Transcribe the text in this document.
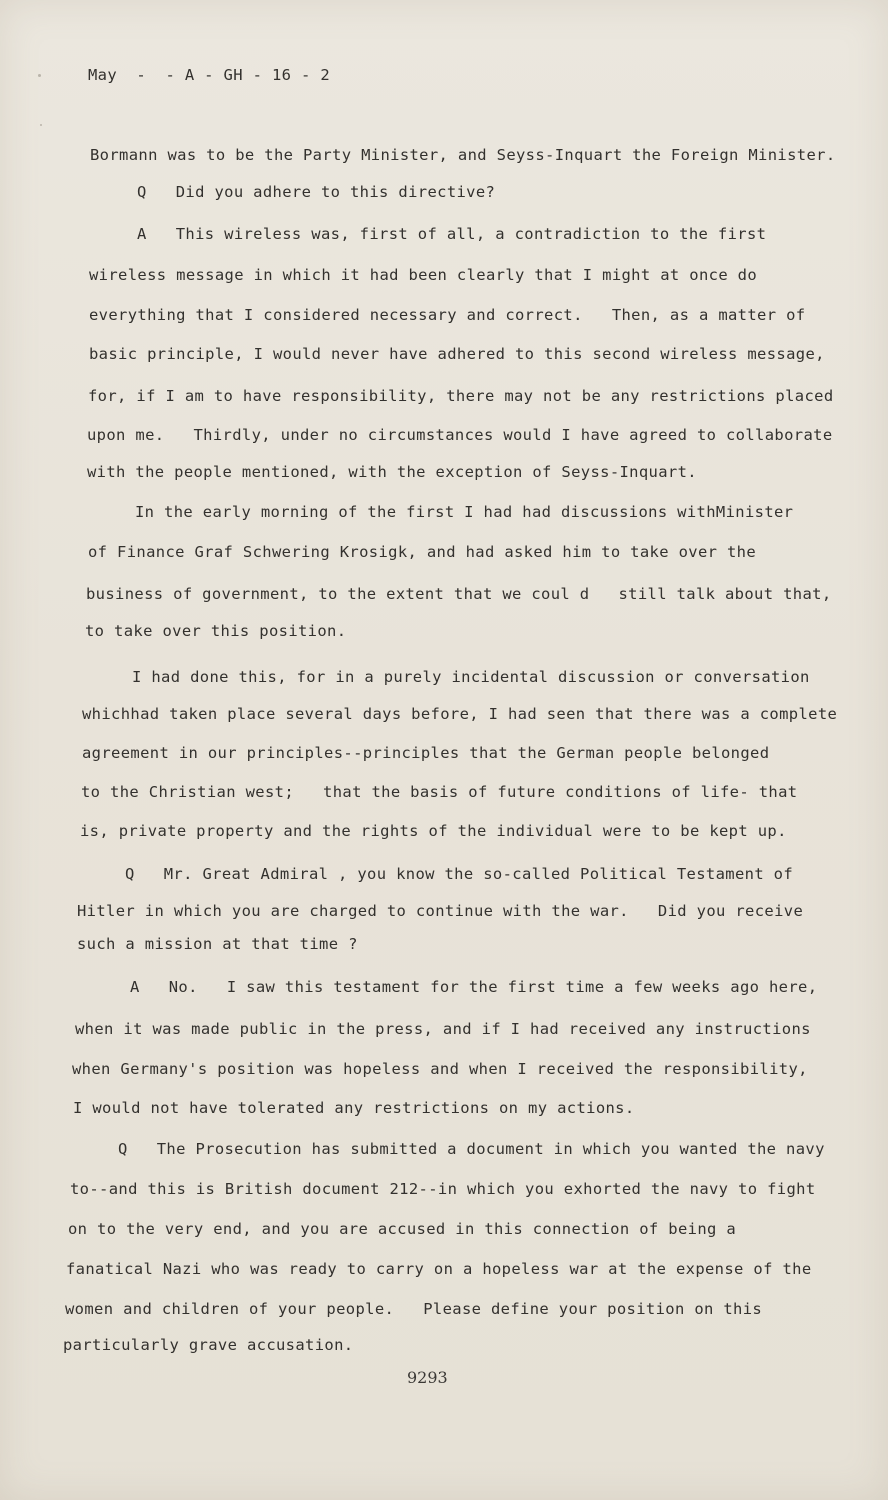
May  -  - A - GH - 16 - 2

Bormann was to be the Party Minister, and Seyss-Inquart the Foreign Minister.

Q   Did you adhere to this directive?

A   This wireless was, first of all, a contradiction to the first

wireless message in which it had been clearly that I might at once do

everything that I considered necessary and correct.   Then, as a matter of

basic principle, I would never have adhered to this second wireless message,

for, if I am to have responsibility, there may not be any restrictions placed

upon me.   Thirdly, under no circumstances would I have agreed to collaborate

with the people mentioned, with the exception of Seyss-Inquart.

In the early morning of the first I had had discussions withMinister

of Finance Graf Schwering Krosigk, and had asked him to take over the

business of government, to the extent that we coul d   still talk about that,

to take over this position.

I had done this, for in a purely incidental discussion or conversation

whichhad taken place several days before, I had seen that there was a complete

agreement in our principles--principles that the German people belonged

to the Christian west;   that the basis of future conditions of life- that

is, private property and the rights of the individual were to be kept up.

Q   Mr. Great Admiral , you know the so-called Political Testament of

Hitler in which you are charged to continue with the war.   Did you receive

such a mission at that time ?

A   No.   I saw this testament for the first time a few weeks ago here,

when it was made public in the press, and if I had received any instructions

when Germany's position was hopeless and when I received the responsibility,

I would not have tolerated any restrictions on my actions.

Q   The Prosecution has submitted a document in which you wanted the navy

to--and this is British document 212--in which you exhorted the navy to fight

on to the very end, and you are accused in this connection of being a

fanatical Nazi who was ready to carry on a hopeless war at the expense of the

women and children of your people.   Please define your position on this

particularly grave accusation.

9293
